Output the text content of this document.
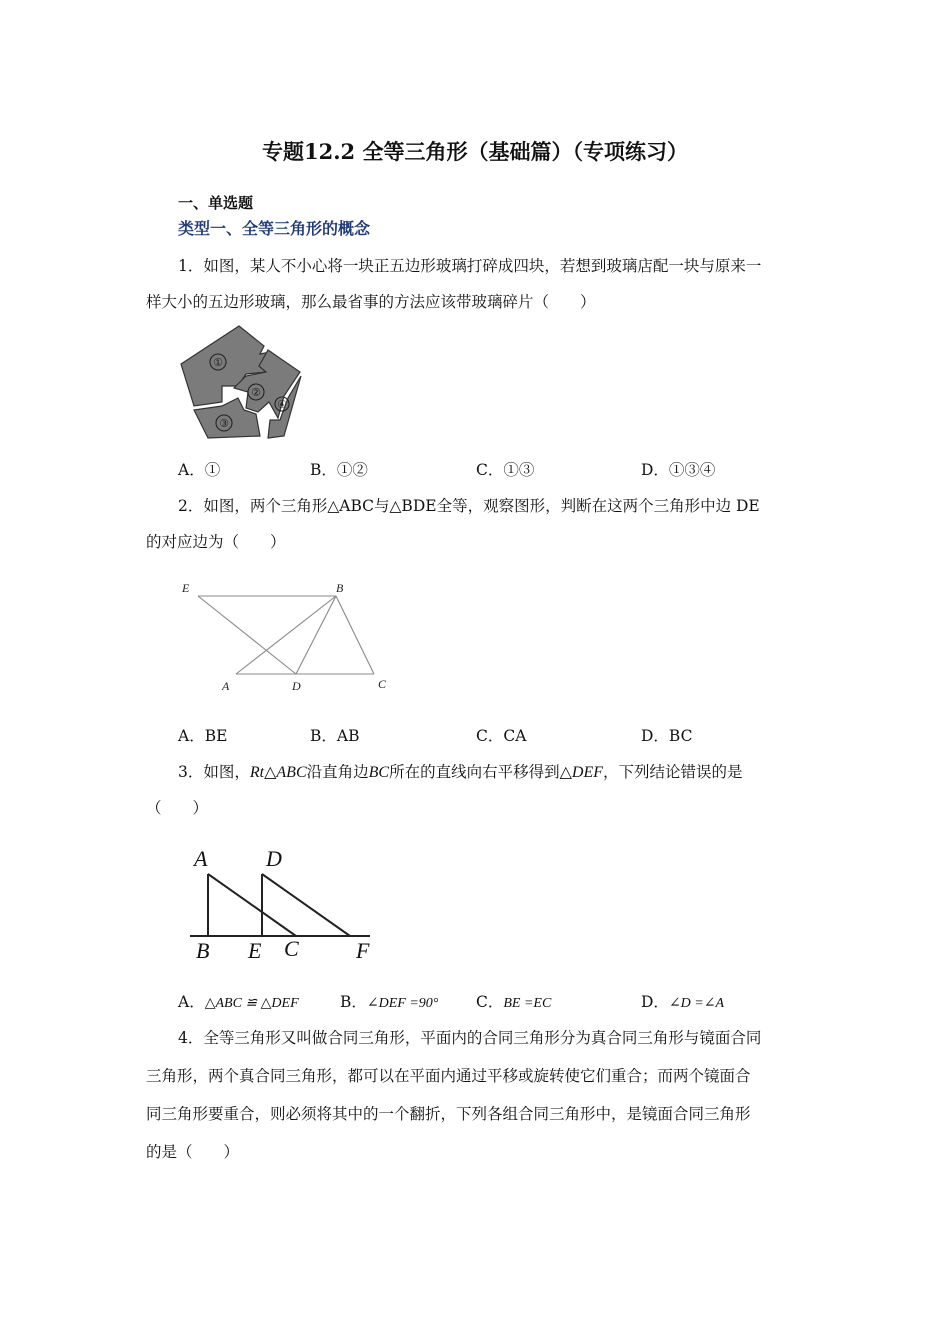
专题12.2 全等三角形（基础篇）（专项练习）
一、单选题
类型一、全等三角形的概念
1．如图，某人不小心将一块正五边形玻璃打碎成四块，若想到玻璃店配一块与原来一
样大小的五边形玻璃，那么最省事的方法应该带玻璃碎片（　　）
①
②
③
④
A．①	B．①②	C．①③	D．①③④
2．如图，两个三角形△ABC与△BDE全等，观察图形，判断在这两个三角形中边 DE
的对应边为（　　）
E	B
A	D	C
A．BE	B．AB	C．CA	D．BC
3．如图，Rt△ABC沿直角边BC所在的直线向右平移得到△DEF，下列结论错误的是
（　　）
A	D
B E C	F
A．△ABC ≌ △DEF	B．∠DEF =90° C．BE =EC	D．∠D =∠A
4．全等三角形又叫做合同三角形，平面内的合同三角形分为真合同三角形与镜面合同
三角形，两个真合同三角形，都可以在平面内通过平移或旋转使它们重合；而两个镜面合
同三角形要重合，则必须将其中的一个翻折，下列各组合同三角形中，是镜面合同三角形
的是（　　）
